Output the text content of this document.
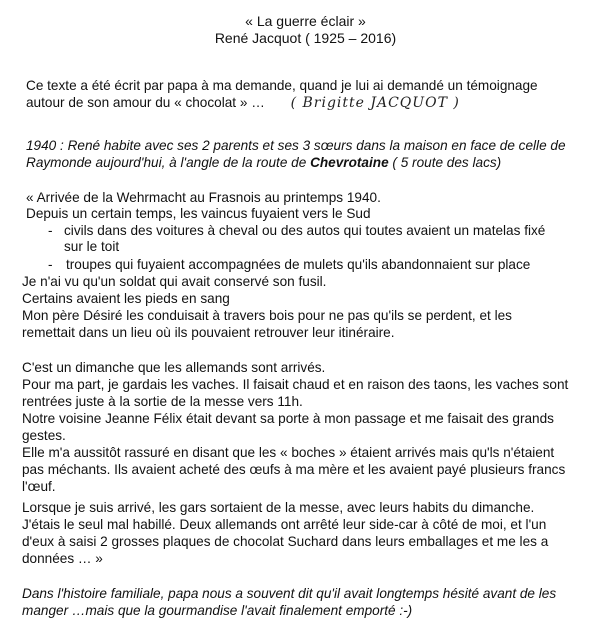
« La guerre éclair »
René Jacquot ( 1925 – 2016)
Ce texte a été écrit par papa à ma demande, quand je lui ai demandé un témoignage
autour de son amour du « chocolat » … ( Brigitte JACQUOT )
1940 : René habite avec ses 2 parents et ses 3 sœurs dans la maison en face de celle de
Raymonde aujourd'hui, à l'angle de la route de Chevrotaine ( 5 route des lacs)
« Arrivée de la Wehrmacht au Frasnois au printemps 1940.
Depuis un certain temps, les vaincus fuyaient vers le Sud
- civils dans des voitures à cheval ou des autos qui toutes avaient un matelas fixé
sur le toit
- troupes qui fuyaient accompagnées de mulets qu'ils abandonnaient sur place
Je n'ai vu qu'un soldat qui avait conservé son fusil.
Certains avaient les pieds en sang
Mon père Désiré les conduisait à travers bois pour ne pas qu'ils se perdent, et les
remettait dans un lieu où ils pouvaient retrouver leur itinéraire.
C'est un dimanche que les allemands sont arrivés.
Pour ma part, je gardais les vaches. Il faisait chaud et en raison des taons, les vaches sont
rentrées juste à la sortie de la messe vers 11h.
Notre voisine Jeanne Félix était devant sa porte à mon passage et me faisait des grands
gestes.
Elle m'a aussitôt rassuré en disant que les « boches » étaient arrivés mais qu'ls n'étaient
pas méchants. Ils avaient acheté des œufs à ma mère et les avaient payé plusieurs francs
l'œuf.
Lorsque je suis arrivé, les gars sortaient de la messe, avec leurs habits du dimanche.
J'étais le seul mal habillé. Deux allemands ont arrêté leur side-car à côté de moi, et l'un
d'eux à saisi 2 grosses plaques de chocolat Suchard dans leurs emballages et me les a
données … »
Dans l'histoire familiale, papa nous a souvent dit qu'il avait longtemps hésité avant de les
manger …mais que la gourmandise l'avait finalement emporté :-)
